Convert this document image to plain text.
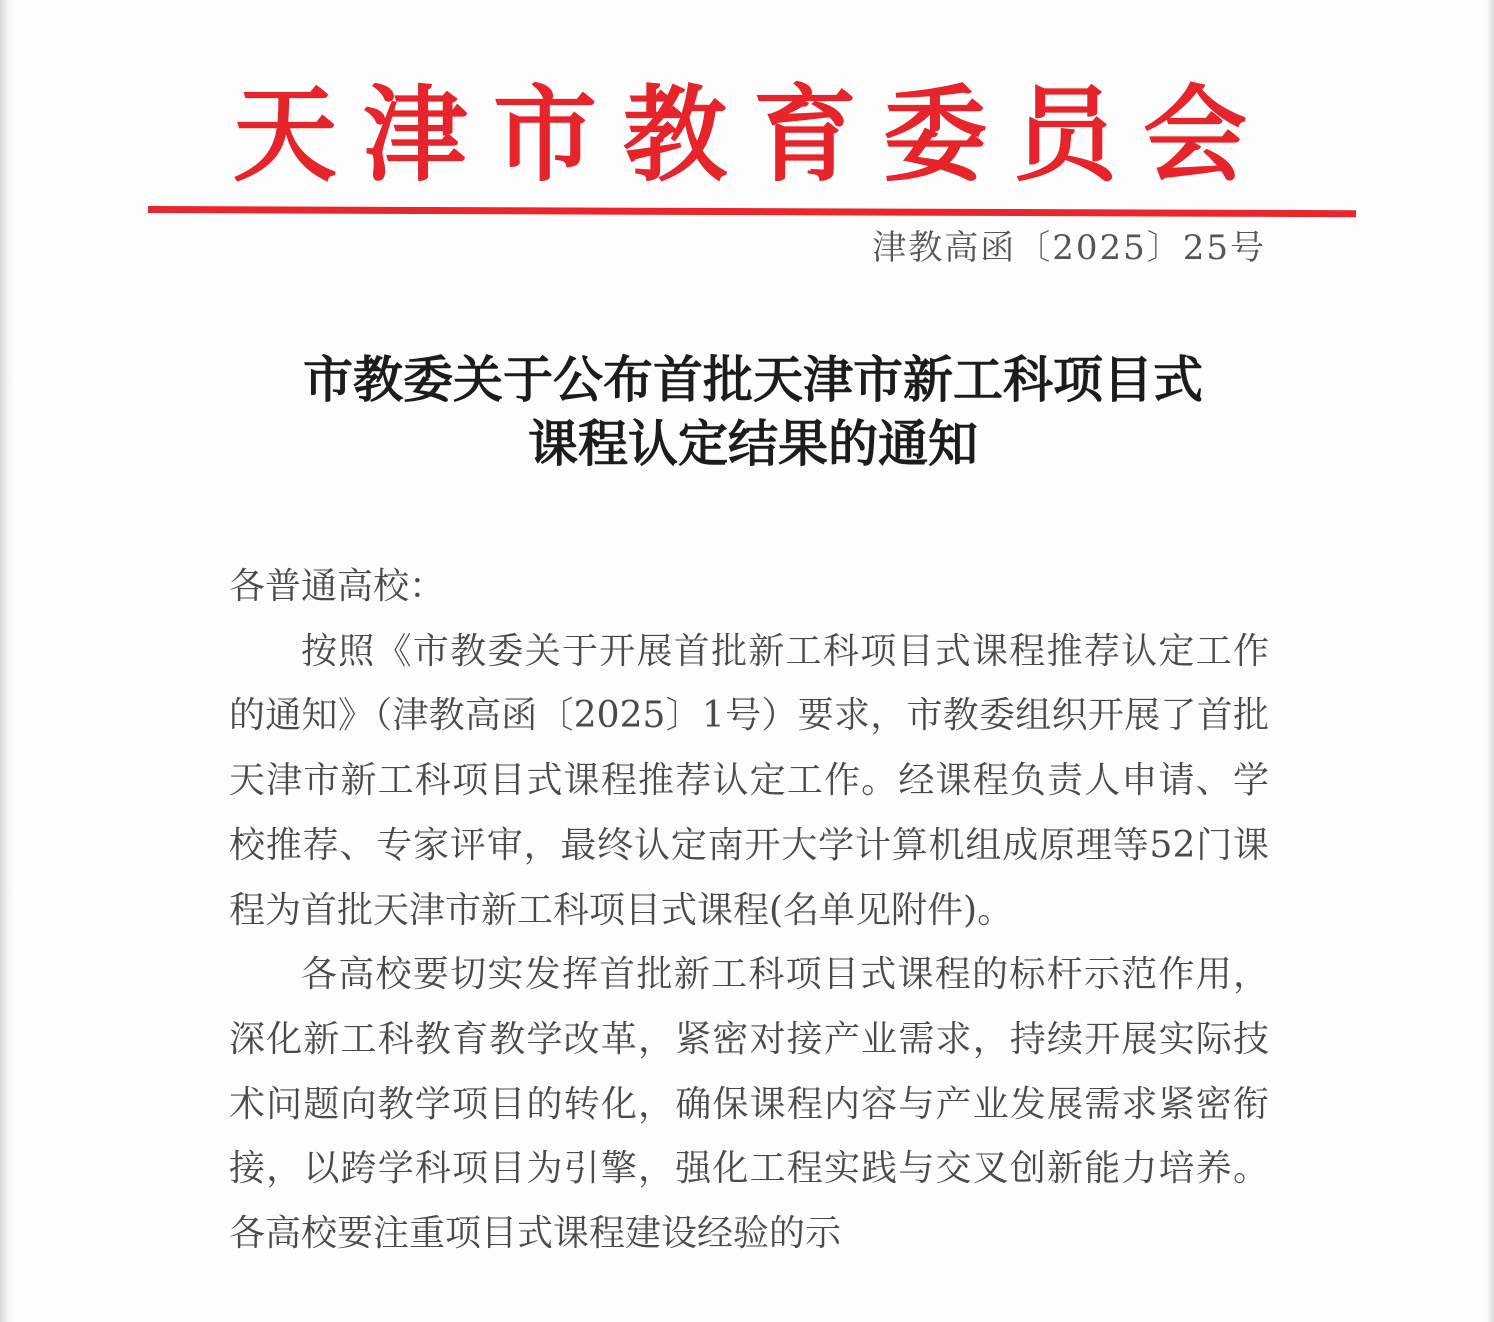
天津市教育委员会
津教高函〔2025〕25号
市教委关于公布首批天津市新工科项目式
课程认定结果的通知

各普通高校：

按照《市教委关于开展首批新工科项目式课程推荐认定工作的通知》（津教高函〔2025〕1号）要求，市教委组织开展了首批天津市新工科项目式课程推荐认定工作。经课程负责人申请、学校推荐、专家评审，最终认定南开大学计算机组成原理等52门课程为首批天津市新工科项目式课程(名单见附件)。

各高校要切实发挥首批新工科项目式课程的标杆示范作用，深化新工科教育教学改革，紧密对接产业需求，持续开展实际技术问题向教学项目的转化，确保课程内容与产业发展需求紧密衔接，以跨学科项目为引擎，强化工程实践与交叉创新能力培养。各高校要注重项目式课程建设经验的示
